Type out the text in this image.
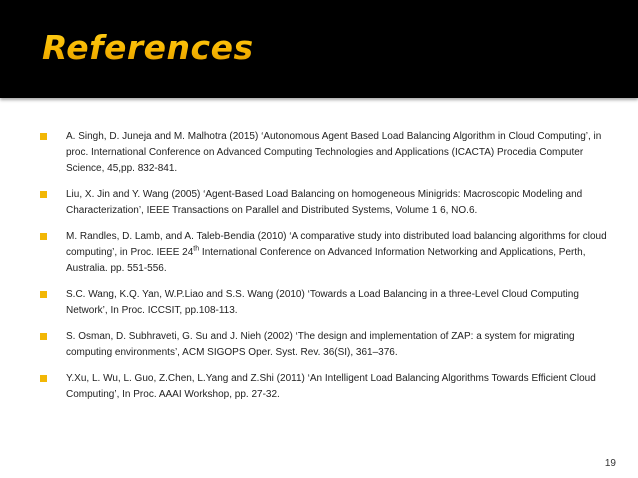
References
A. Singh, D. Juneja and M. Malhotra (2015) ‘Autonomous Agent Based Load Balancing Algorithm in Cloud Computing’, in proc. International Conference on Advanced Computing Technologies and Applications (ICACTA) Procedia Computer Science, 45,pp. 832-841.
Liu, X. Jin and Y. Wang (2005) ‘Agent-Based Load Balancing on homogeneous Minigrids: Macroscopic Modeling and Characterization’, IEEE Transactions on Parallel and Distributed Systems, Volume 1 6, NO.6.
M. Randles, D. Lamb, and A. Taleb-Bendia (2010) ‘A comparative study into distributed load balancing algorithms for cloud computing’, in Proc. IEEE 24th International Conference on Advanced Information Networking and Applications, Perth, Australia. pp. 551-556.
S.C. Wang, K.Q. Yan, W.P.Liao and S.S. Wang (2010) ‘Towards a Load Balancing in a three-Level Cloud Computing Network’, In Proc. ICCSIT, pp.108-113.
S. Osman, D. Subhraveti, G. Su and J. Nieh (2002) ‘The design and implementation of ZAP: a system for migrating computing environments’, ACM SIGOPS Oper. Syst. Rev. 36(SI), 361–376.
Y.Xu, L. Wu, L. Guo, Z.Chen, L.Yang and Z.Shi (2011) ‘An Intelligent Load Balancing Algorithms Towards Efficient Cloud Computing’, In Proc. AAAI Workshop, pp. 27-32.
19
